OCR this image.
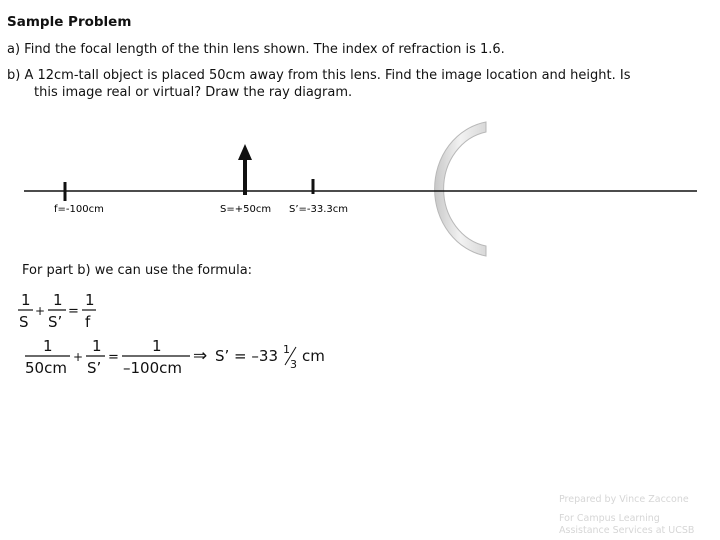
Sample Problem
a) Find the focal length of the thin lens shown. The index of refraction is 1.6.
b) A 12cm-tall object is placed 50cm away from this lens. Find the image location and height. Is
this image real or virtual? Draw the ray diagram.
f=-100cm	S=+50cm S’=-33.3cm
For part b) we can use the formula:
1
S
+
1
S’
=
1
f
1
50cm
+
1
S’
=
1
–100cm
⇒ S’ = –33 1
3 cm
Prepared by Vince Zaccone
For Campus Learning
Assistance Services at UCSB
